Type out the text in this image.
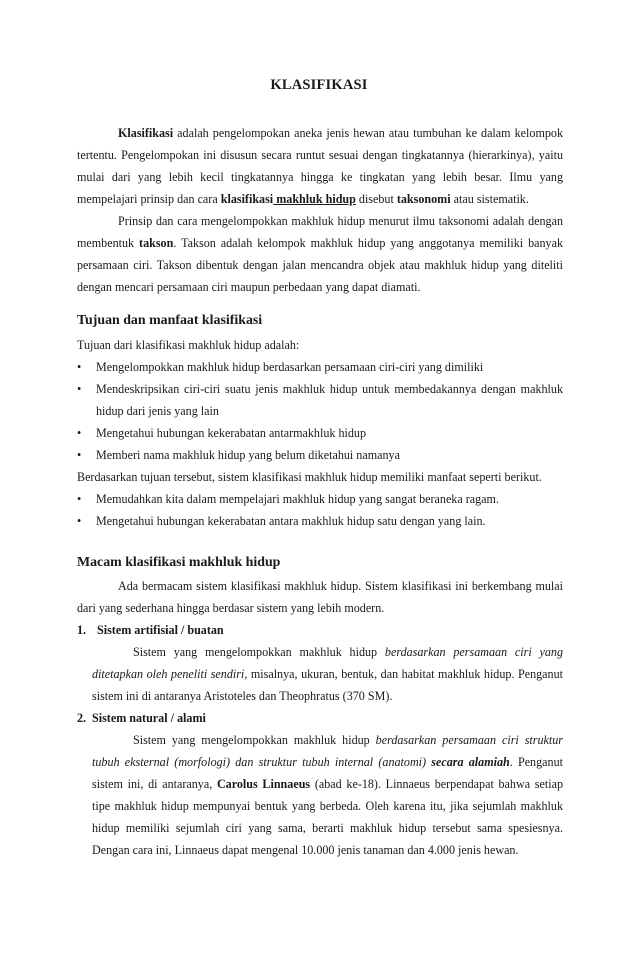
KLASIFIKASI

Klasifikasi adalah pengelompokan aneka jenis hewan atau tumbuhan ke dalam kelompok tertentu. Pengelompokan ini disusun secara runtut sesuai dengan tingkatannya (hierarkinya), yaitu mulai dari yang lebih kecil tingkatannya hingga ke tingkatan yang lebih besar. Ilmu yang mempelajari prinsip dan cara klasifikasi makhluk hidup disebut taksonomi atau sistematik.

Prinsip dan cara mengelompokkan makhluk hidup menurut ilmu taksonomi adalah dengan membentuk takson. Takson adalah kelompok makhluk hidup yang anggotanya memiliki banyak persamaan ciri. Takson dibentuk dengan jalan mencandra objek atau makhluk hidup yang diteliti dengan mencari persamaan ciri maupun perbedaan yang dapat diamati.

Tujuan dan manfaat klasifikasi

Tujuan dari klasifikasi makhluk hidup adalah:

• Mengelompokkan makhluk hidup berdasarkan persamaan ciri-ciri yang dimiliki

• Mendeskripsikan ciri-ciri suatu jenis makhluk hidup untuk membedakannya dengan makhluk hidup dari jenis yang lain

• Mengetahui hubungan kekerabatan antarmakhluk hidup

• Memberi nama makhluk hidup yang belum diketahui namanya

Berdasarkan tujuan tersebut, sistem klasifikasi makhluk hidup memiliki manfaat seperti berikut.

• Memudahkan kita dalam mempelajari makhluk hidup yang sangat beraneka ragam.

• Mengetahui hubungan kekerabatan antara makhluk hidup satu dengan yang lain.

Macam klasifikasi makhluk hidup

Ada bermacam sistem klasifikasi makhluk hidup. Sistem klasifikasi ini berkembang mulai dari yang sederhana hingga berdasar sistem yang lebih modern.

1. Sistem artifisial / buatan

Sistem yang mengelompokkan makhluk hidup berdasarkan persamaan ciri yang ditetapkan oleh peneliti sendiri, misalnya, ukuran, bentuk, dan habitat makhluk hidup. Penganut sistem ini di antaranya Aristoteles dan Theophratus (370 SM).

2. Sistem natural / alami

Sistem yang mengelompokkan makhluk hidup berdasarkan persamaan ciri struktur tubuh eksternal (morfologi) dan struktur tubuh internal (anatomi) secara alamiah. Penganut sistem ini, di antaranya, Carolus Linnaeus (abad ke-18). Linnaeus berpendapat bahwa setiap tipe makhluk hidup mempunyai bentuk yang berbeda. Oleh karena itu, jika sejumlah makhluk hidup memiliki sejumlah ciri yang sama, berarti makhluk hidup tersebut sama spesiesnya. Dengan cara ini, Linnaeus dapat mengenal 10.000 jenis tanaman dan 4.000 jenis hewan.
